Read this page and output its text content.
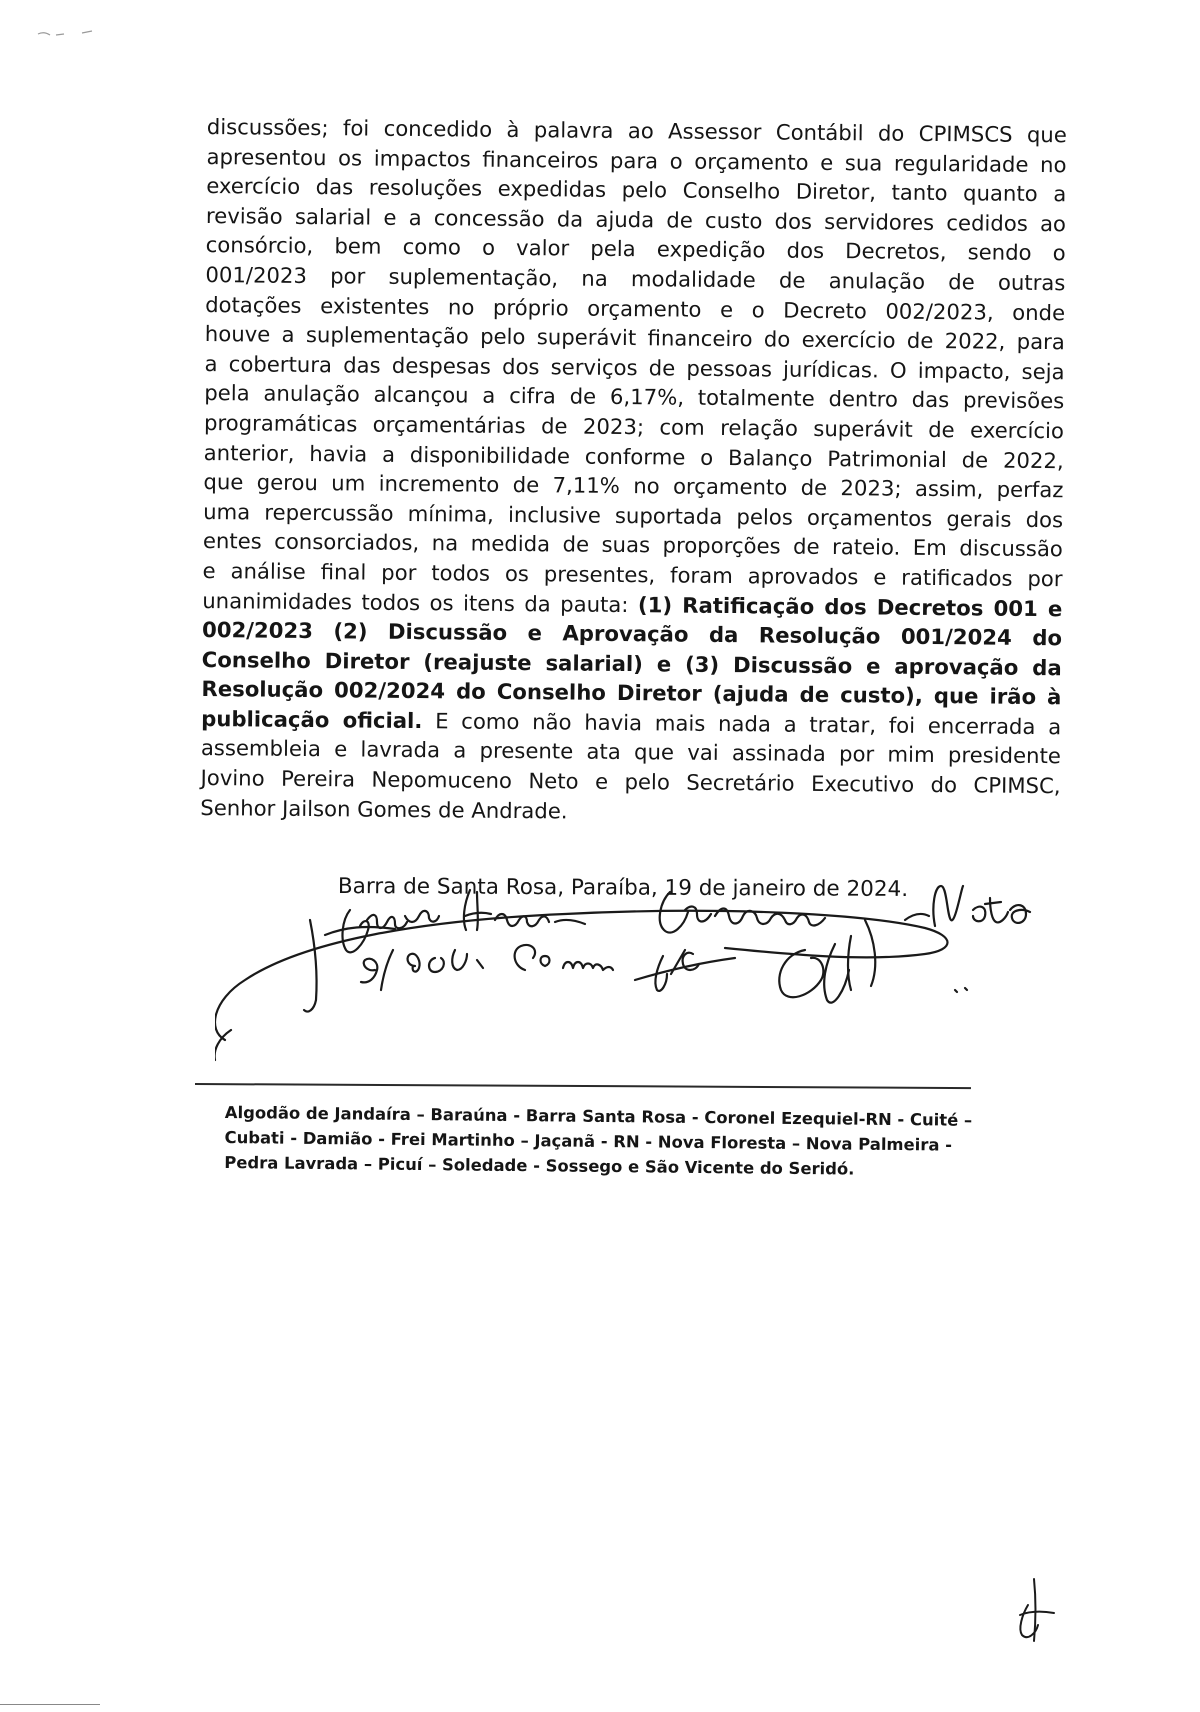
discussões; foi concedido à palavra ao Assessor Contábil do CPIMSCS que
apresentou os impactos financeiros para o orçamento e sua regularidade no
exercício das resoluções expedidas pelo Conselho Diretor, tanto quanto a
revisão salarial e a concessão da ajuda de custo dos servidores cedidos ao
consórcio, bem como o valor pela expedição dos Decretos, sendo o
001/2023 por suplementação, na modalidade de anulação de outras
dotações existentes no próprio orçamento e o Decreto 002/2023, onde
houve a suplementação pelo superávit financeiro do exercício de 2022, para
a cobertura das despesas dos serviços de pessoas jurídicas. O impacto, seja
pela anulação alcançou a cifra de 6,17%, totalmente dentro das previsões
programáticas orçamentárias de 2023; com relação superávit de exercício
anterior, havia a disponibilidade conforme o Balanço Patrimonial de 2022,
que gerou um incremento de 7,11% no orçamento de 2023; assim, perfaz
uma repercussão mínima, inclusive suportada pelos orçamentos gerais dos
entes consorciados, na medida de suas proporções de rateio. Em discussão
e análise final por todos os presentes, foram aprovados e ratificados por
unanimidades todos os itens da pauta: (1) Ratificação dos Decretos 001 e
002/2023 (2) Discussão e Aprovação da Resolução 001/2024 do
Conselho Diretor (reajuste salarial) e (3) Discussão e aprovação da
Resolução 002/2024 do Conselho Diretor (ajuda de custo), que irão à
publicação oficial. E como não havia mais nada a tratar, foi encerrada a
assembleia e lavrada a presente ata que vai assinada por mim presidente
Jovino Pereira Nepomuceno Neto e pelo Secretário Executivo do CPIMSC,
Senhor Jailson Gomes de Andrade.

Barra de Santa Rosa, Paraíba, 19 de janeiro de 2024.
Algodão de Jandaíra – Baraúna - Barra Santa Rosa - Coronel Ezequiel-RN - Cuité –
Cubati - Damião - Frei Martinho – Jaçanã - RN - Nova Floresta – Nova Palmeira -
Pedra Lavrada – Picuí – Soledade - Sossego e São Vicente do Seridó.
